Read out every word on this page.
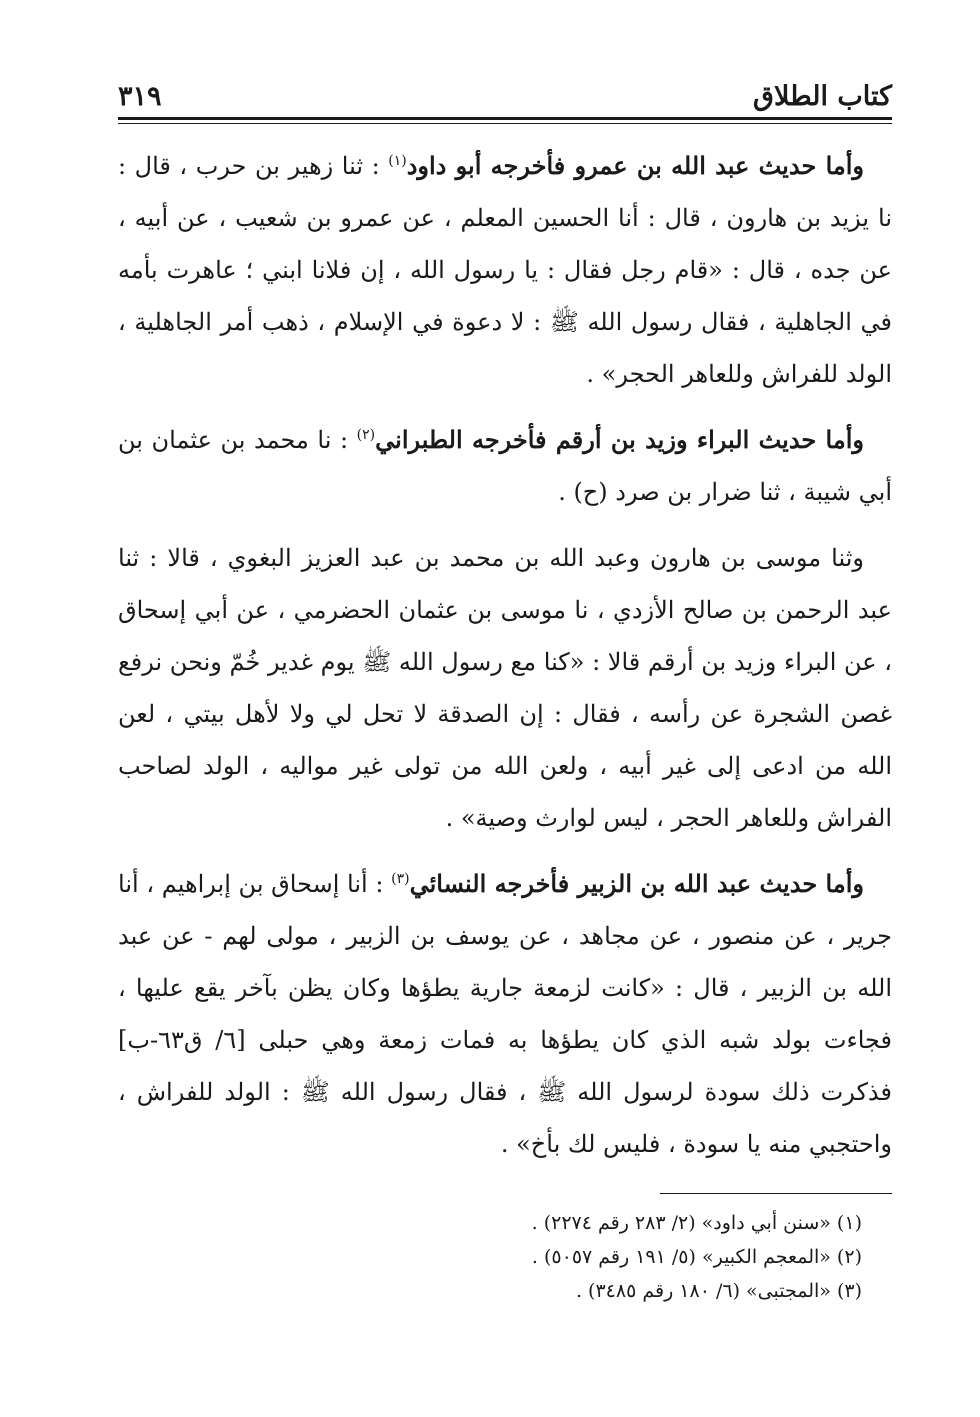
كتاب الطلاق
٣١٩

وأما حديث عبد الله بن عمرو فأخرجه أبو داود$^{(١)}$ : ثنا زهير بن حرب ، قال : نا يزيد بن هارون ، قال : أنا الحسين المعلم ، عن عمرو بن شعيب ، عن أبيه ، عن جده ، قال : «قام رجل فقال : يا رسول الله ، إن فلانا ابني ؛ عاهرت بأمه في الجاهلية ، فقال رسول الله ﷺ : لا دعوة في الإسلام ، ذهب أمر الجاهلية ، الولد للفراش وللعاهر الحجر» .

وأما حديث البراء وزيد بن أرقم فأخرجه الطبراني$^{(٢)}$ : نا محمد بن عثمان بن أبي شيبة ، ثنا ضرار بن صرد (ح) .

وثنا موسى بن هارون وعبد الله بن محمد بن عبد العزيز البغوي ، قالا : ثنا عبد الرحمن بن صالح الأزدي ، نا موسى بن عثمان الحضرمي ، عن أبي إسحاق ، عن البراء وزيد بن أرقم قالا : «كنا مع رسول الله ﷺ يوم غدير خُمّ ونحن نرفع غصن الشجرة عن رأسه ، فقال : إن الصدقة لا تحل لي ولا لأهل بيتي ، لعن الله من ادعى إلى غير أبيه ، ولعن الله من تولى غير مواليه ، الولد لصاحب الفراش وللعاهر الحجر ، ليس لوارث وصية» .

وأما حديث عبد الله بن الزبير فأخرجه النسائي$^{(٣)}$ : أنا إسحاق بن إبراهيم ، أنا جرير ، عن منصور ، عن مجاهد ، عن يوسف بن الزبير ، مولى لهم - عن عبد الله بن الزبير ، قال : «كانت لزمعة جارية يطؤها وكان يظن بآخر يقع عليها ، فجاءت بولد شبه الذي كان يطؤها به فمات زمعة وهي حبلى [٦/ ق٦٣-ب] فذكرت ذلك سودة لرسول الله ﷺ ، فقال رسول الله ﷺ : الولد للفراش ، واحتجبي منه يا سودة ، فليس لك بأخ» .

(١) «سنن أبي داود» (٢/ ٢٨٣ رقم ٢٢٧٤) .

(٢) «المعجم الكبير» (٥/ ١٩١ رقم ٥٠٥٧) .

(٣) «المجتبى» (٦/ ١٨٠ رقم ٣٤٨٥) .
